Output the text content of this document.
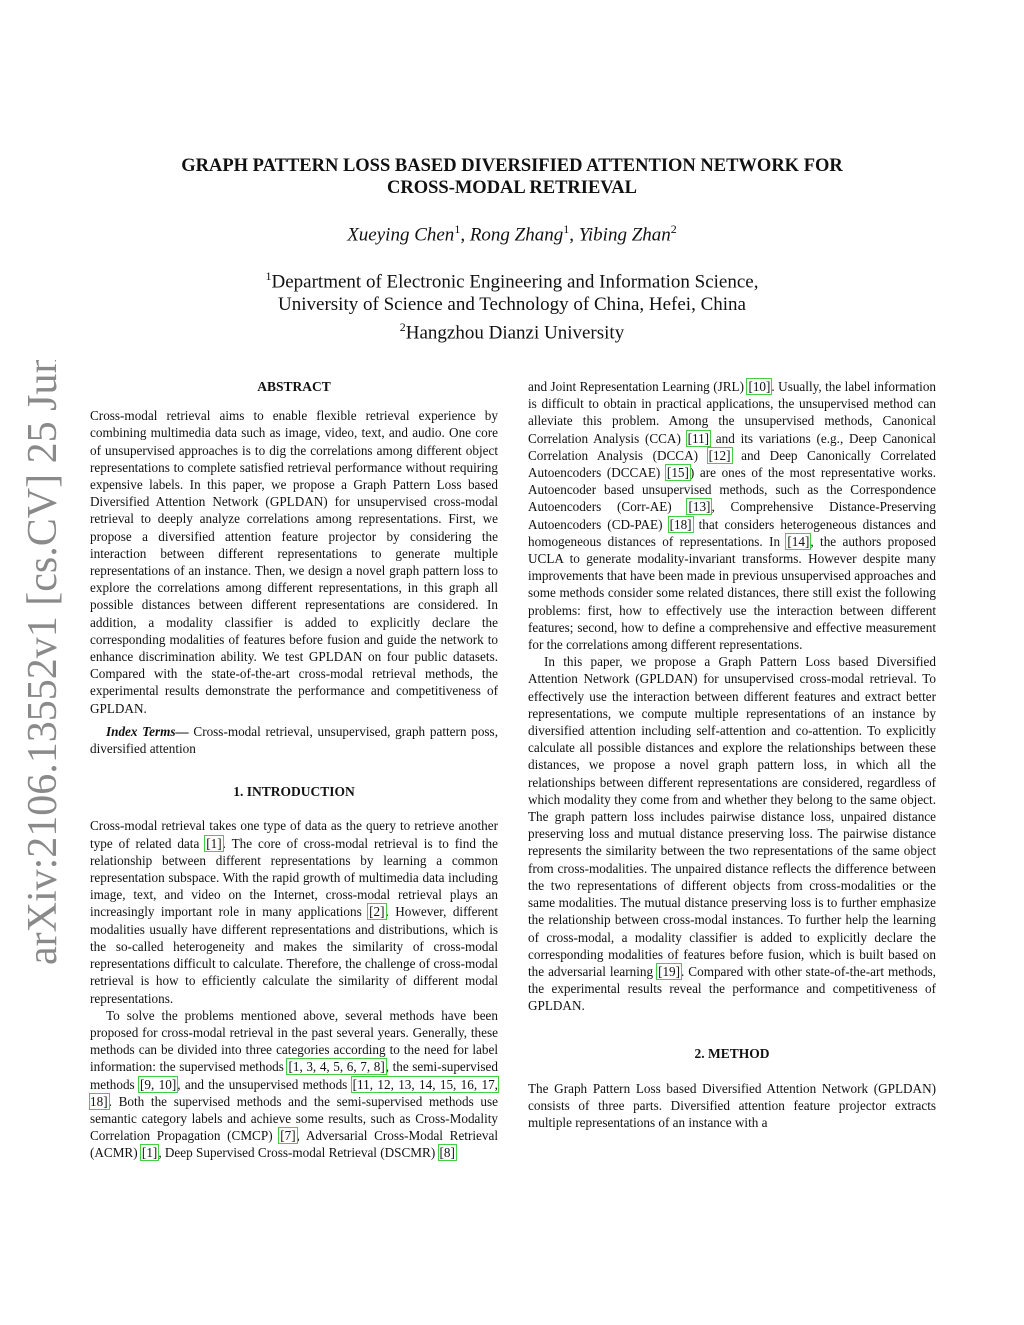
arXiv:2106.13552v1 [cs.CV] 25 Jun 2021
GRAPH PATTERN LOSS BASED DIVERSIFIED ATTENTION NETWORK FOR
CROSS-MODAL RETRIEVAL
Xueying Chen$^1$, Rong Zhang$^1$, Yibing Zhan$^2$
$^1$Department of Electronic Engineering and Information Science,
University of Science and Technology of China, Hefei, China
$^2$Hangzhou Dianzi University
ABSTRACT

Cross-modal retrieval aims to enable flexible retrieval experience by combining multimedia data such as image, video, text, and audio. One core of unsupervised approaches is to dig the correlations among different object representations to complete satisfied retrieval performance without requiring expensive labels. In this paper, we propose a Graph Pattern Loss based Diversified Attention Network (GPLDAN) for unsupervised cross-modal retrieval to deeply analyze correlations among representations. First, we propose a diversified attention feature projector by considering the interaction between different representations to generate multiple representations of an instance. Then, we design a novel graph pattern loss to explore the correlations among different representations, in this graph all possible distances between different representations are considered. In addition, a modality classifier is added to explicitly declare the corresponding modalities of features before fusion and guide the network to enhance discrimination ability. We test GPLDAN on four public datasets. Compared with the state-of-the-art cross-modal retrieval methods, the experimental results demonstrate the performance and competitiveness of GPLDAN.

Index Terms— Cross-modal retrieval, unsupervised, graph pattern poss, diversified attention

1. INTRODUCTION

Cross-modal retrieval takes one type of data as the query to retrieve another type of related data [1]. The core of cross-modal retrieval is to find the relationship between different representations by learning a common representation subspace. With the rapid growth of multimedia data including image, text, and video on the Internet, cross-modal retrieval plays an increasingly important role in many applications [2]. However, different modalities usually have different representations and distributions, which is the so-called heterogeneity and makes the similarity of cross-modal representations difficult to calculate. Therefore, the challenge of cross-modal retrieval is how to efficiently calculate the similarity of different modal representations.

To solve the problems mentioned above, several methods have been proposed for cross-modal retrieval in the past several years. Generally, these methods can be divided into three categories according to the need for label information: the supervised methods [1, 3, 4, 5, 6, 7, 8], the semi-supervised methods [9, 10], and the unsupervised methods [11, 12, 13, 14, 15, 16, 17, 18]. Both the supervised methods and the semi-supervised methods use semantic category labels and achieve some results, such as Cross-Modality Correlation Propagation (CMCP) [7], Adversarial Cross-Modal Retrieval (ACMR) [1], Deep Supervised Cross-modal Retrieval (DSCMR) [8]

and Joint Representation Learning (JRL) [10]. Usually, the label information is difficult to obtain in practical applications, the unsupervised method can alleviate this problem. Among the unsupervised methods, Canonical Correlation Analysis (CCA) [11] and its variations (e.g., Deep Canonical Correlation Analysis (DCCA) [12] and Deep Canonically Correlated Autoencoders (DCCAE) [15]) are ones of the most representative works. Autoencoder based unsupervised methods, such as the Correspondence Autoencoders (Corr-AE) [13], Comprehensive Distance-Preserving Autoencoders (CD-PAE) [18] that considers heterogeneous distances and homogeneous distances of representations. In [14], the authors proposed UCLA to generate modality-invariant transforms. However despite many improvements that have been made in previous unsupervised approaches and some methods consider some related distances, there still exist the following problems: first, how to effectively use the interaction between different features; second, how to define a comprehensive and effective measurement for the correlations among different representations.

In this paper, we propose a Graph Pattern Loss based Diversified Attention Network (GPLDAN) for unsupervised cross-modal retrieval. To effectively use the interaction between different features and extract better representations, we compute multiple representations of an instance by diversified attention including self-attention and co-attention. To explicitly calculate all possible distances and explore the relationships between these distances, we propose a novel graph pattern loss, in which all the relationships between different representations are considered, regardless of which modality they come from and whether they belong to the same object. The graph pattern loss includes pairwise distance loss, unpaired distance preserving loss and mutual distance preserving loss. The pairwise distance represents the similarity between the two representations of the same object from cross-modalities. The unpaired distance reflects the difference between the two representations of different objects from cross-modalities or the same modalities. The mutual distance preserving loss is to further emphasize the relationship between cross-modal instances. To further help the learning of cross-modal, a modality classifier is added to explicitly declare the corresponding modalities of features before fusion, which is built based on the adversarial learning [19]. Compared with other state-of-the-art methods, the experimental results reveal the performance and competitiveness of GPLDAN.

2. METHOD

The Graph Pattern Loss based Diversified Attention Network (GPLDAN) consists of three parts. Diversified attention feature projector extracts multiple representations of an instance with a
